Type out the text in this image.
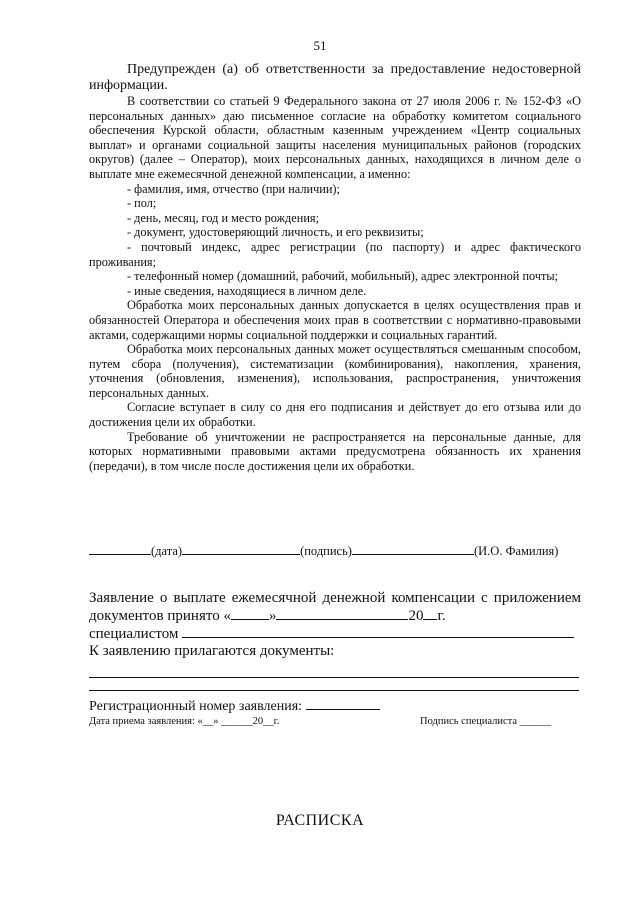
51

Предупрежден (а) об ответственности за предоставление недостоверной информации.

В соответствии со статьей 9 Федерального закона от 27 июля 2006 г. № 152-ФЗ «О персональных данных» даю письменное согласие на обработку комитетом социального обеспечения Курской области, областным казенным учреждением «Центр социальных выплат» и органами социальной защиты населения муниципальных районов (городских округов) (далее – Оператор), моих персональных данных, находящихся в личном деле о выплате мне ежемесячной денежной компенсации, а именно:

- фамилия, имя, отчество (при наличии);

- пол;

- день, месяц, год и место рождения;

- документ, удостоверяющий личность, и его реквизиты;

- почтовый индекс, адрес регистрации (по паспорту) и адрес фактического проживания;

- телефонный номер (домашний, рабочий, мобильный), адрес электронной почты;

- иные сведения, находящиеся в личном деле.

Обработка моих персональных данных допускается в целях осуществления прав и обязанностей Оператора и обеспечения моих прав в соответствии с нормативно-правовыми актами, содержащими нормы социальной поддержки и социальных гарантий.

Обработка моих персональных данных может осуществляться смешанным способом, путем сбора (получения), систематизации (комбинирования), накопления, хранения, уточнения (обновления, изменения), использования, распространения, уничтожения персональных данных.

Согласие вступает в силу со дня его подписания и действует до его отзыва или до достижения цели их обработки.

Требование об уничтожении не распространяется на персональные данные, для которых нормативными правовыми актами предусмотрена обязанность их хранения (передачи), в том числе после достижения цели их обработки.

(дата)	(подпись)	(И.О. Фамилия)

Заявление о выплате ежемесячной денежной компенсации с приложением документов принято «	»	20 г.

специалистом

К заявлению прилагаются документы:

Регистрационный номер заявления:
Дата приема заявления: «__» ______20__г.	Подпись специалиста ______
РАСПИСКА
